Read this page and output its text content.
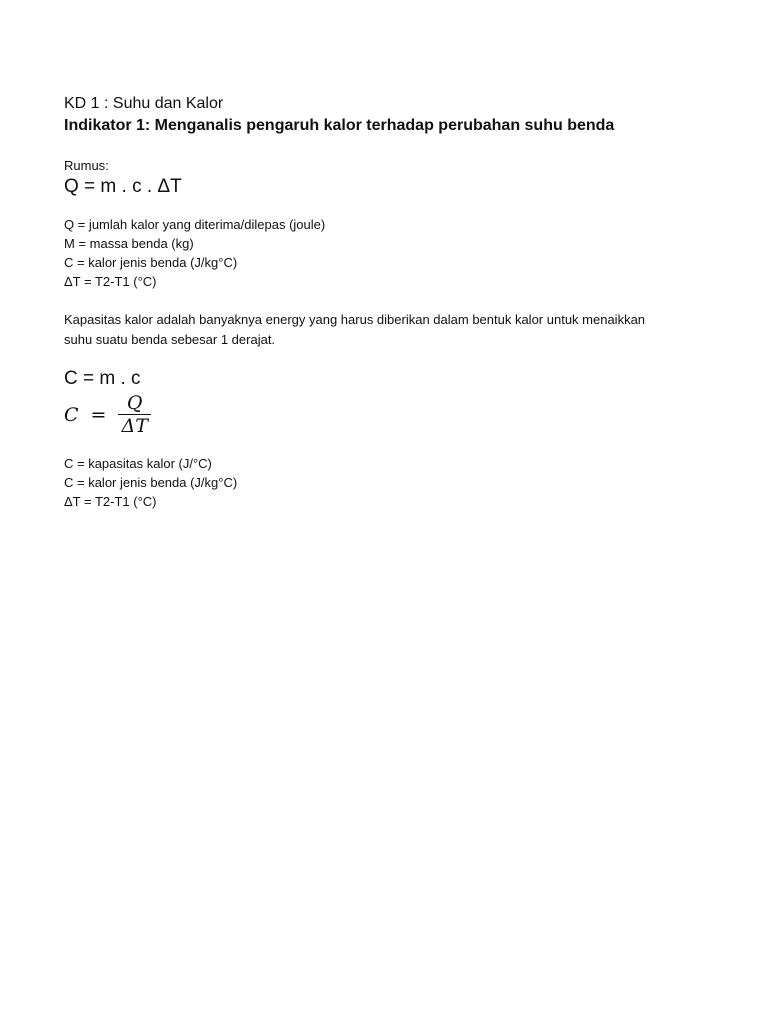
KD 1 : Suhu dan Kalor

Indikator 1: Menganalis pengaruh kalor terhadap perubahan suhu benda

Rumus:

Q = m . c . ΔT

Q = jumlah kalor yang diterima/dilepas (joule)

M = massa benda (kg)

C = kalor jenis benda (J/kg°C)

ΔT = T2-T1 (°C)

Kapasitas kalor adalah banyaknya energy yang harus diberikan dalam bentuk kalor untuk menaikkan

suhu suatu benda sebesar 1 derajat.

C = m . c

$C = \frac{Q}{\Delta T}$

C = kapasitas kalor (J/°C)

C = kalor jenis benda (J/kg°C)

ΔT = T2-T1 (°C)
